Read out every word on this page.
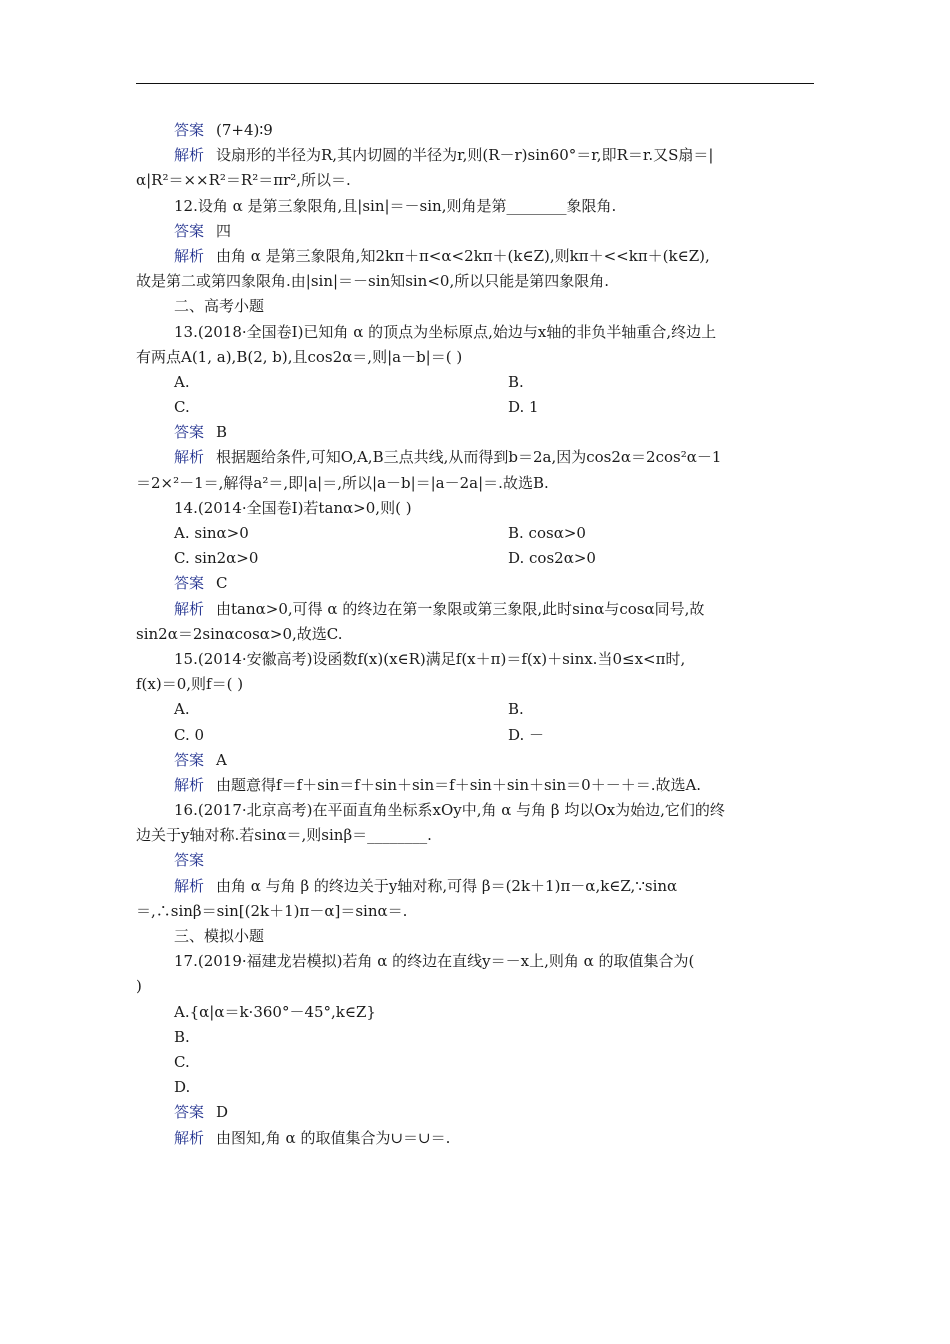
答案 (7+4)∶9
解析 设扇形的半径为R,其内切圆的半径为r,则(R－r)sin60°＝r,即R＝r.又S扇＝|
α|R²＝××R²＝R²＝πr²,所以＝.
12.设角 α 是第三象限角,且|sin|＝－sin,则角是第________象限角.
答案 四
解析 由角 α 是第三象限角,知2kπ＋π<α<2kπ＋(k∈Z),则kπ＋<<kπ＋(k∈Z),
故是第二或第四象限角.由|sin|＝－sin知sin<0,所以只能是第四象限角.
二、高考小题
13.(2018·全国卷Ⅰ)已知角 α 的顶点为坐标原点,始边与x轴的非负半轴重合,终边上
有两点A(1, a),B(2, b),且cos2α＝,则|a－b|＝( )
A.	B.
C.	D. 1
答案 B
解析 根据题给条件,可知O,A,B三点共线,从而得到b＝2a,因为cos2α＝2cos²α－1
＝2×²－1＝,解得a²＝,即|a|＝,所以|a－b|＝|a－2a|＝.故选B.
14.(2014·全国卷Ⅰ)若tanα>0,则( )
A. sinα>0	B. cosα>0
C. sin2α>0	D. cos2α>0
答案 C
解析 由tanα>0,可得 α 的终边在第一象限或第三象限,此时sinα与cosα同号,故
sin2α＝2sinαcosα>0,故选C.
15.(2014·安徽高考)设函数f(x)(x∈R)满足f(x＋π)＝f(x)＋sinx.当0≤x<π时,
f(x)＝0,则f＝( )
A.	B.
C. 0	D. －
答案 A
解析 由题意得f＝f＋sin＝f＋sin＋sin＝f＋sin＋sin＋sin＝0＋－＋＝.故选A.
16.(2017·北京高考)在平面直角坐标系xOy中,角 α 与角 β 均以Ox为始边,它们的终
边关于y轴对称.若sinα＝,则sinβ＝________.
答案
解析 由角 α 与角 β 的终边关于y轴对称,可得 β＝(2k＋1)π－α,k∈Z,∵sinα
＝,∴sinβ＝sin[(2k＋1)π－α]＝sinα＝.
三、模拟小题
17.(2019·福建龙岩模拟)若角 α 的终边在直线y＝－x上,则角 α 的取值集合为(
)
A.{α|α＝k·360°－45°,k∈Z}
B.
C.
D.
答案 D
解析 由图知,角 α 的取值集合为∪＝∪＝.
